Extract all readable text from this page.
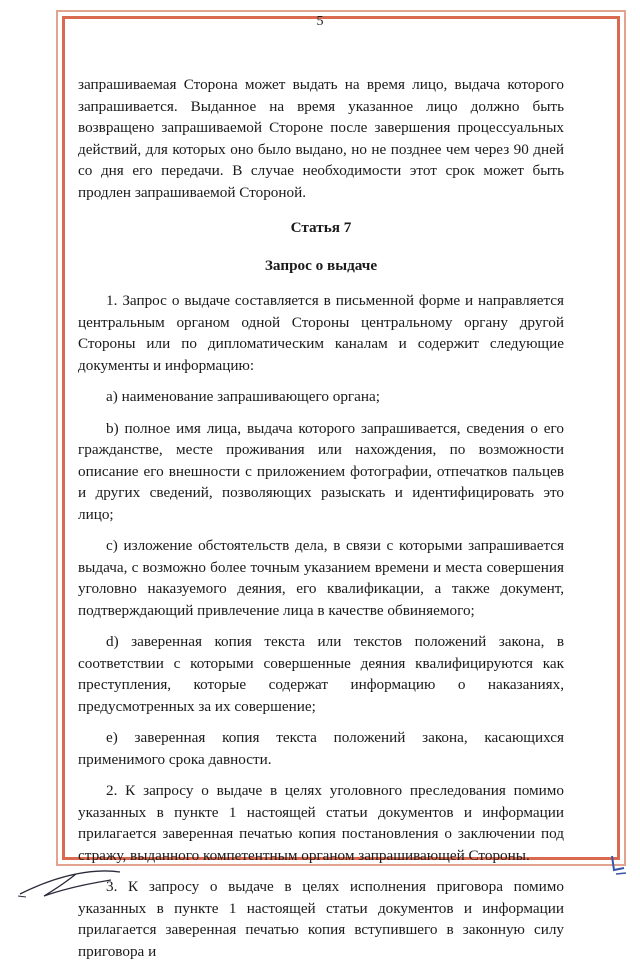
5

запрашиваемая Сторона может выдать на время лицо, выдача которого запрашивается. Выданное на время указанное лицо должно быть возвращено запрашиваемой Стороне после завершения процессуальных действий, для которых оно было выдано, но не позднее чем через 90 дней со дня его передачи. В случае необходимости этот срок может быть продлен запрашиваемой Стороной.

Статья 7
Запрос о выдаче

1. Запрос о выдаче составляется в письменной форме и направляется центральным органом одной Стороны центральному органу другой Стороны или по дипломатическим каналам и содержит следующие документы и информацию:

а) наименование запрашивающего органа;

b) полное имя лица, выдача которого запрашивается, сведения о его гражданстве, месте проживания или нахождения, по возможности описание его внешности с приложением фотографии, отпечатков пальцев и других сведений, позволяющих разыскать и идентифицировать это лицо;

с) изложение обстоятельств дела, в связи с которыми запрашивается выдача, с возможно более точным указанием времени и места совершения уголовно наказуемого деяния, его квалификации, а также документ, подтверждающий привлечение лица в качестве обвиняемого;

d) заверенная копия текста или текстов положений закона, в соответствии с которыми совершенные деяния квалифицируются как преступления, которые содержат информацию о наказаниях, предусмотренных за их совершение;

е) заверенная копия текста положений закона, касающихся применимого срока давности.

2. К запросу о выдаче в целях уголовного преследования помимо указанных в пункте 1 настоящей статьи документов и информации прилагается заверенная печатью копия постановления о заключении под стражу, выданного компетентным органом запрашивающей Стороны.

3. К запросу о выдаче в целях исполнения приговора помимо указанных в пункте 1 настоящей статьи документов и информации прилагается заверенная печатью копия вступившего в законную силу приговора и
